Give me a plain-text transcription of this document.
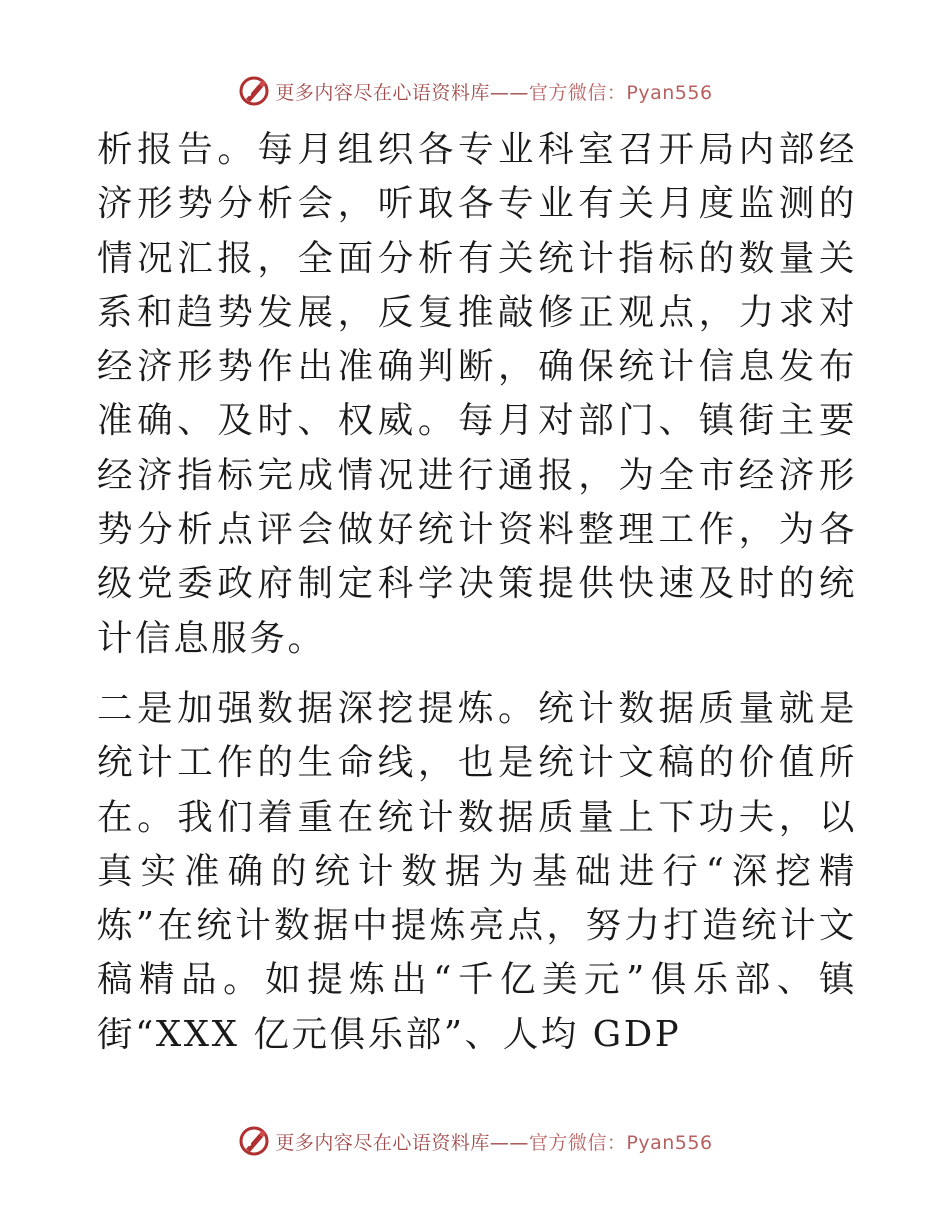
更多内容尽在心语资料库——官方微信：Pyan556

析报告。每月组织各专业科室召开局内部经济形势分析会，听取各专业有关月度监测的情况汇报，全面分析有关统计指标的数量关系和趋势发展，反复推敲修正观点，力求对经济形势作出准确判断，确保统计信息发布准确、及时、权威。每月对部门、镇街主要经济指标完成情况进行通报，为全市经济形势分析点评会做好统计资料整理工作，为各级党委政府制定科学决策提供快速及时的统计信息服务。

二是加强数据深挖提炼。统计数据质量就是统计工作的生命线，也是统计文稿的价值所在。我们着重在统计数据质量上下功夫，以真实准确的统计数据为基础进行“深挖精炼”在统计数据中提炼亮点，努力打造统计文稿精品。如提炼出“千亿美元”俱乐部、镇街“XXX 亿元俱乐部”、人均 GDP

更多内容尽在心语资料库——官方微信：Pyan556
